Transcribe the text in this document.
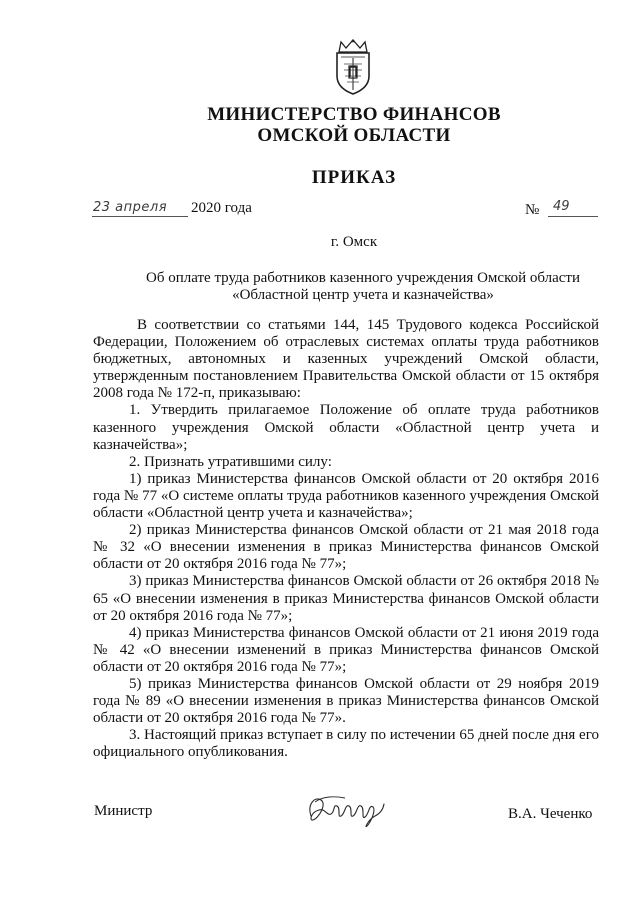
МИНИСТЕРСТВО ФИНАНСОВ
ОМСКОЙ ОБЛАСТИ
ПРИКАЗ
23 апреля 2020 года	№ 49
г. Омск
Об оплате труда работников казенного учреждения Омской области
«Областной центр учета и казначейства»

В соответствии со статьями 144, 145 Трудового кодекса Российской Федерации, Положением об отраслевых системах оплаты труда работников бюджетных, автономных и казенных учреждений Омской области, утвержденным постановлением Правительства Омской области от 15 октября 2008 года № 172-п, приказываю:

1. Утвердить прилагаемое Положение об оплате труда работников казенного учреждения Омской области «Областной центр учета и казначейства»;

2. Признать утратившими силу:

1) приказ Министерства финансов Омской области от 20 октября 2016 года № 77 «О системе оплаты труда работников казенного учреждения Омской области «Областной центр учета и казначейства»;

2) приказ Министерства финансов Омской области от 21 мая 2018 года № 32 «О внесении изменения в приказ Министерства финансов Омской области от 20 октября 2016 года № 77»;

3) приказ Министерства финансов Омской области от 26 октября 2018 № 65 «О внесении изменения в приказ Министерства финансов Омской области от 20 октября 2016 года № 77»;

4) приказ Министерства финансов Омской области от 21 июня 2019 года № 42 «О внесении изменений в приказ Министерства финансов Омской области от 20 октября 2016 года № 77»;

5) приказ Министерства финансов Омской области от 29 ноября 2019 года № 89 «О внесении изменения в приказ Министерства финансов Омской области от 20 октября 2016 года № 77».

3. Настоящий приказ вступает в силу по истечении 65 дней после дня его официального опубликования.

Министр	В.А. Чеченко
